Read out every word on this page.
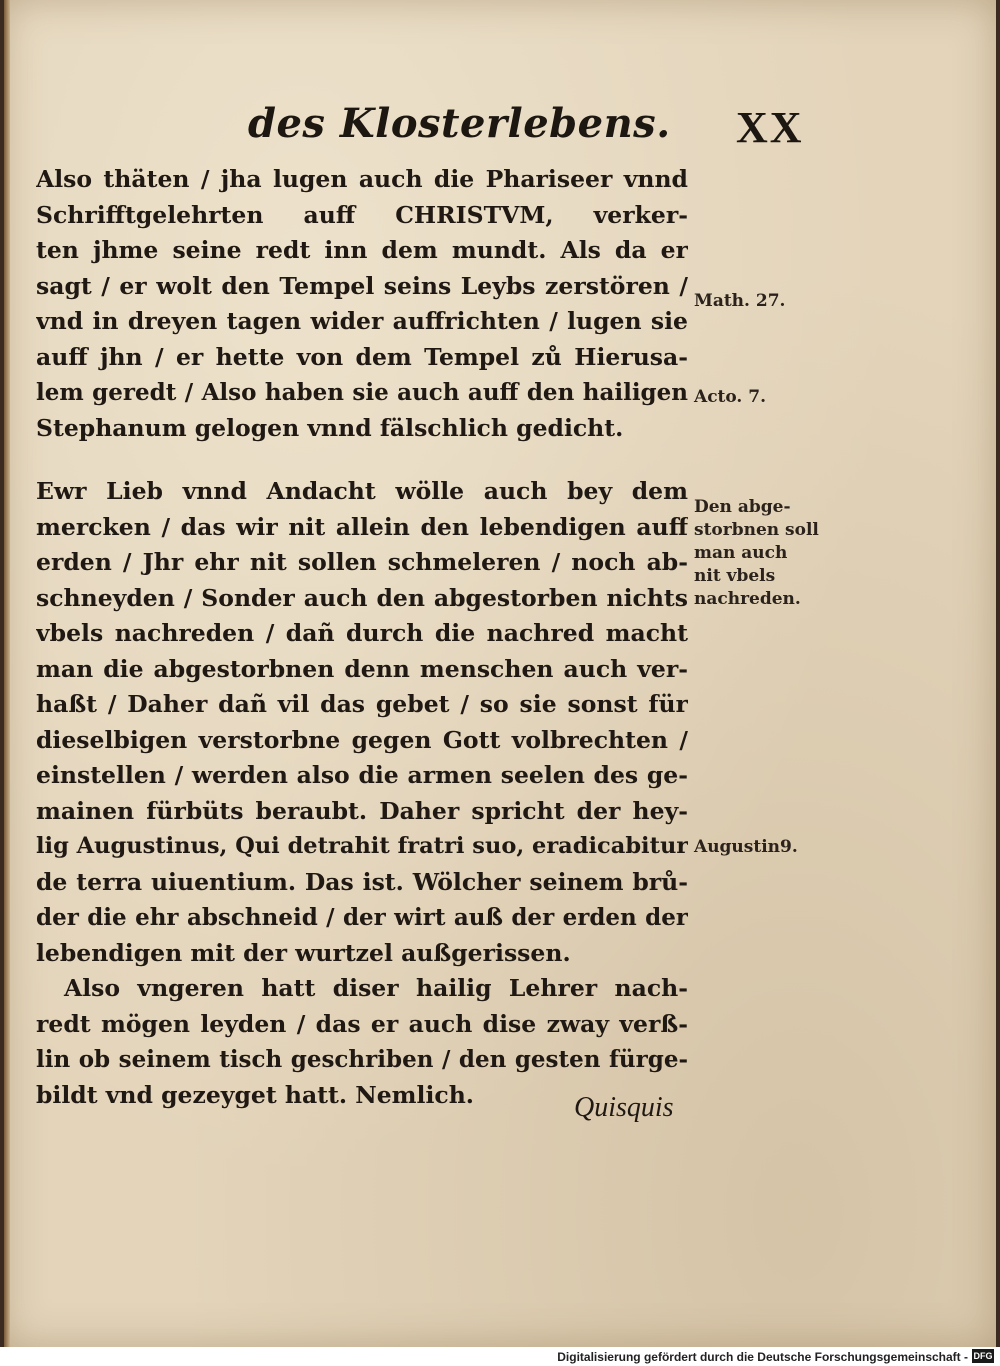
des Klosterlebens. XX
Also thäten / jha lugen auch die Phariseer vnnd
Schrifftgelehrten auff CHRISTVM, verker-
ten jhme seine redt inn dem mundt. Als da er
sagt / er wolt den Tempel seins Leybs zerstören /
vnd in dreyen tagen wider auffrichten / lugen sie
auff jhn / er hette von dem Tempel zů Hierusa-
lem geredt / Also haben sie auch auff den hailigen
Stephanum gelogen vnnd fälschlich gedicht.
Ewr Lieb vnnd Andacht wölle auch bey dem
mercken / das wir nit allein den lebendigen auff
erden / Jhr ehr nit sollen schmeleren / noch ab-
schneyden / Sonder auch den abgestorben nichts
vbels nachreden / dañ durch die nachred macht
man die abgestorbnen denn menschen auch ver-
haßt / Daher dañ vil das gebet / so sie sonst für
dieselbigen verstorbne gegen Gott volbrechten /
einstellen / werden also die armen seelen des ge-
mainen fürbüts beraubt. Daher spricht der hey-
lig Augustinus, Qui detrahit fratri suo, eradicabitur
de terra uiuentium. Das ist. Wölcher seinem brů-
der die ehr abschneid / der wirt auß der erden der
lebendigen mit der wurtzel außgerissen.
Also vngeren hatt diser hailig Lehrer nach-
redt mögen leyden / das er auch dise zway verß-
lin ob seinem tisch geschriben / den gesten fürge-
bildt vnd gezeyget hatt. Nemlich.
Math. 27.
Acto. 7.
Den abge-
storbnen soll
man auch
nit vbels
nachreden.
Augustin9.
Quisquis
Digitalisierung gefördert durch die Deutsche Forschungsgemeinschaft - DFG
